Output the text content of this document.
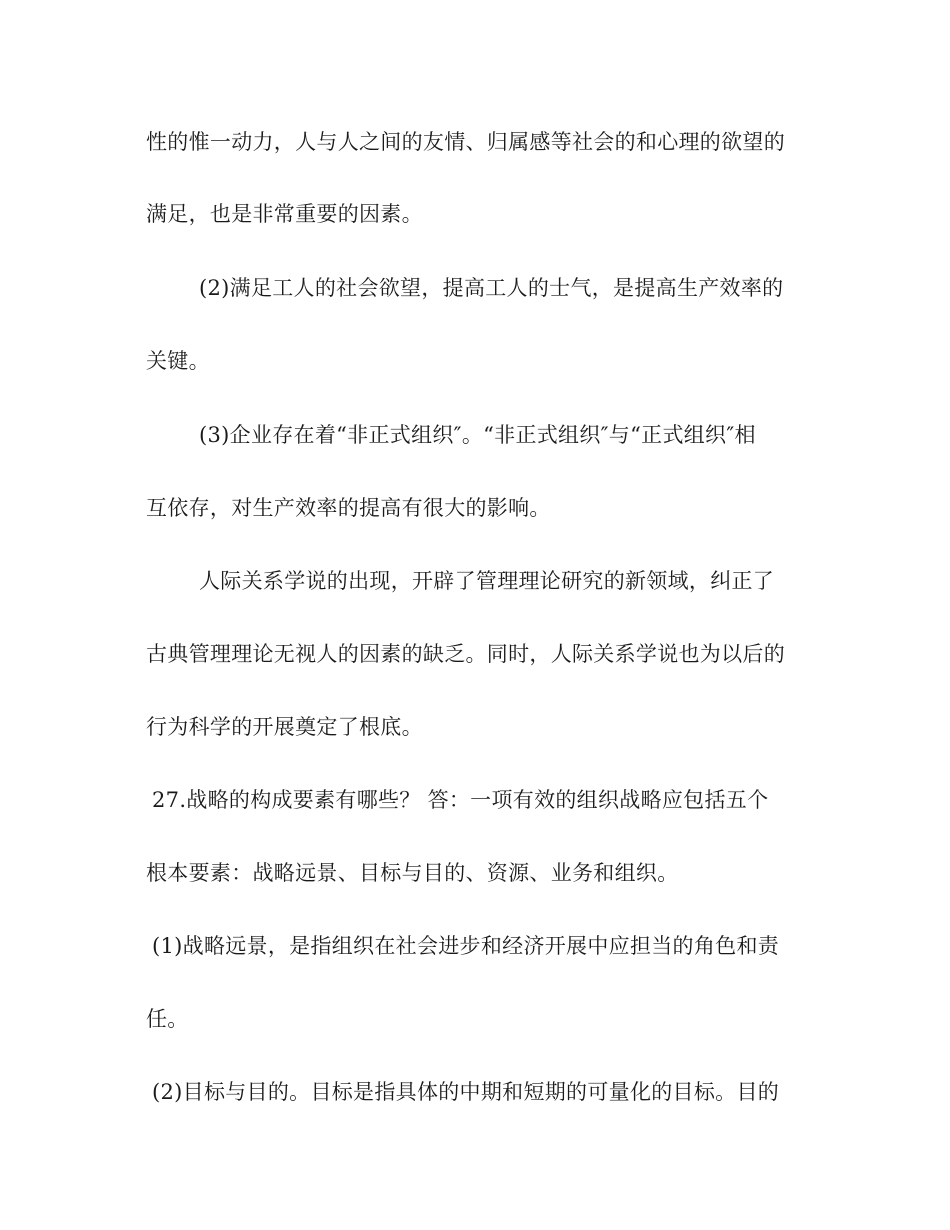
性的惟一动力，人与人之间的友情、归属感等社会的和心理的欲望的
满足，也是非常重要的因素。
(2)满足工人的社会欲望，提高工人的士气，是提高生产效率的
关键。
(3)企业存在着“非正式组织″。“非正式组织″与“正式组织″相
互依存，对生产效率的提高有很大的影响。
人际关系学说的出现，开辟了管理理论研究的新领域，纠正了
古典管理理论无视人的因素的缺乏。同时，人际关系学说也为以后的
行为科学的开展奠定了根底。
27.战略的构成要素有哪些？ 答：一项有效的组织战略应包括五个
根本要素：战略远景、目标与目的、资源、业务和组织。
(1)战略远景，是指组织在社会进步和经济开展中应担当的角色和责
任。
(2)目标与目的。目标是指具体的中期和短期的可量化的目标。目的
